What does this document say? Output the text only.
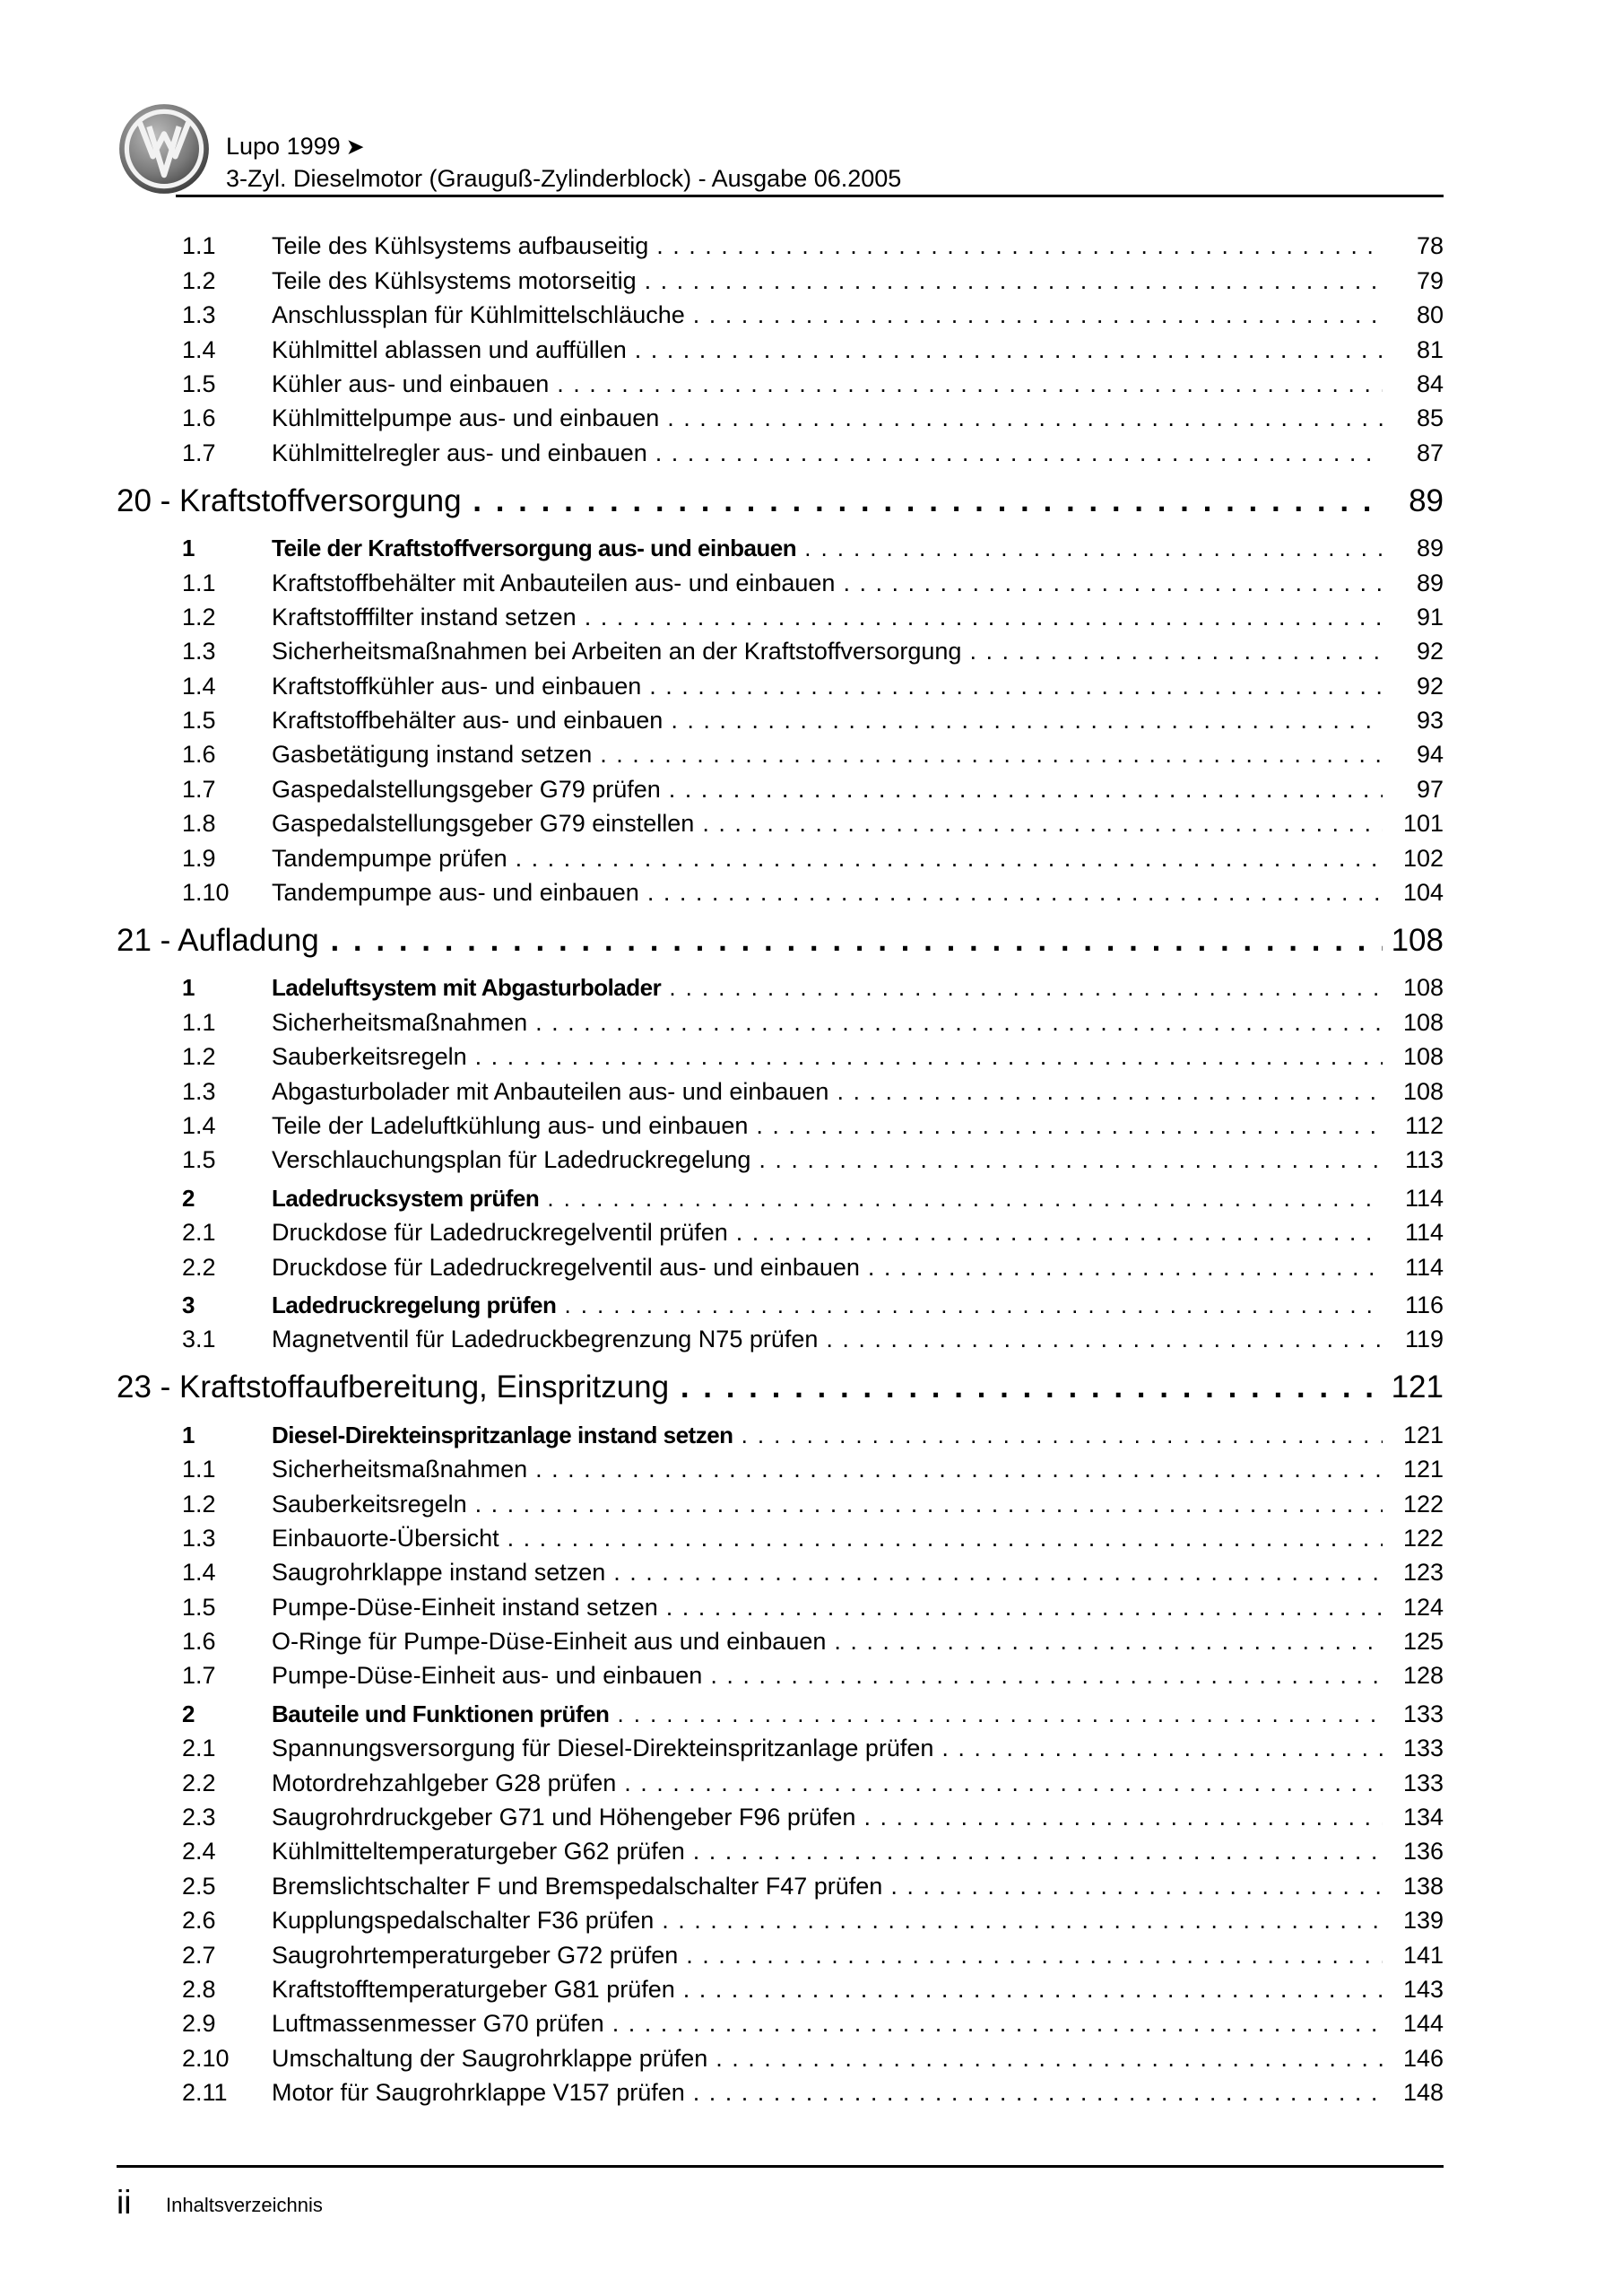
Lupo 1999 ➤
3-Zyl. Dieselmotor (Grauguß-Zylinderblock) - Ausgabe 06.2005
1.1 Teile des Kühlsystems aufbauseitig . . .	78
1.2 Teile des Kühlsystems motorseitig . . .	79
1.3 Anschlussplan für Kühlmittelschläuche . . .	80
1.4 Kühlmittel ablassen und auffüllen . . .	81
1.5 Kühler aus- und einbauen . . .	84
1.6 Kühlmittelpumpe aus- und einbauen . . .	85
1.7 Kühlmittelregler aus- und einbauen . . .	87
20 - Kraftstoffversorgung . . .	89
1	Teile der Kraftstoffversorgung aus- und einbauen . . .	89
1.1 Kraftstoffbehälter mit Anbauteilen aus- und einbauen . . .	89
1.2 Kraftstofffilter instand setzen . . .	91
1.3 Sicherheitsmaßnahmen bei Arbeiten an der Kraftstoffversorgung . . .	92
1.4 Kraftstoffkühler aus- und einbauen . . .	92
1.5 Kraftstoffbehälter aus- und einbauen . . .	93
1.6 Gasbetätigung instand setzen . . .	94
1.7 Gaspedalstellungsgeber G79 prüfen . . .	97
1.8 Gaspedalstellungsgeber G79 einstellen . . .	101
1.9 Tandempumpe prüfen . . .	102
1.10 Tandempumpe aus- und einbauen . . .	104
21 - Aufladung . . .	108
1	Ladeluftsystem mit Abgasturbolader . . .	108
1.1 Sicherheitsmaßnahmen . . .	108
1.2 Sauberkeitsregeln . . .	108
1.3 Abgasturbolader mit Anbauteilen aus- und einbauen . . .	108
1.4 Teile der Ladeluftkühlung aus- und einbauen . . .	112
1.5 Verschlauchungsplan für Ladedruckregelung . . .	113
2	Ladedrucksystem prüfen . . .	114
2.1 Druckdose für Ladedruckregelventil prüfen . . .	114
2.2 Druckdose für Ladedruckregelventil aus- und einbauen . . .	114
3	Ladedruckregelung prüfen . . .	116
3.1 Magnetventil für Ladedruckbegrenzung N75 prüfen . . .	119
23 - Kraftstoffaufbereitung, Einspritzung . . .	121
1	Diesel-Direkteinspritzanlage instand setzen . . .	121
1.1 Sicherheitsmaßnahmen . . .	121
1.2 Sauberkeitsregeln . . .	122
1.3 Einbauorte-Übersicht . . .	122
1.4 Saugrohrklappe instand setzen . . .	123
1.5 Pumpe-Düse-Einheit instand setzen . . .	124
1.6 O-Ringe für Pumpe-Düse-Einheit aus und einbauen . . .	125
1.7 Pumpe-Düse-Einheit aus- und einbauen . . .	128
2	Bauteile und Funktionen prüfen . . .	133
2.1 Spannungsversorgung für Diesel-Direkteinspritzanlage prüfen . . .	133
2.2 Motordrehzahlgeber G28 prüfen . . .	133
2.3 Saugrohrdruckgeber G71 und Höhengeber F96 prüfen . . .	134
2.4 Kühlmitteltemperaturgeber G62 prüfen . . .	136
2.5 Bremslichtschalter F und Bremspedalschalter F47 prüfen . . .	138
2.6 Kupplungspedalschalter F36 prüfen . . .	139
2.7 Saugrohrtemperaturgeber G72 prüfen . . .	141
2.8 Kraftstofftemperaturgeber G81 prüfen . . .	143
2.9 Luftmassenmesser G70 prüfen . . .	144
2.10 Umschaltung der Saugrohrklappe prüfen . . .	146
2.11 Motor für Saugrohrklappe V157 prüfen . . .	148
ii Inhaltsverzeichnis
